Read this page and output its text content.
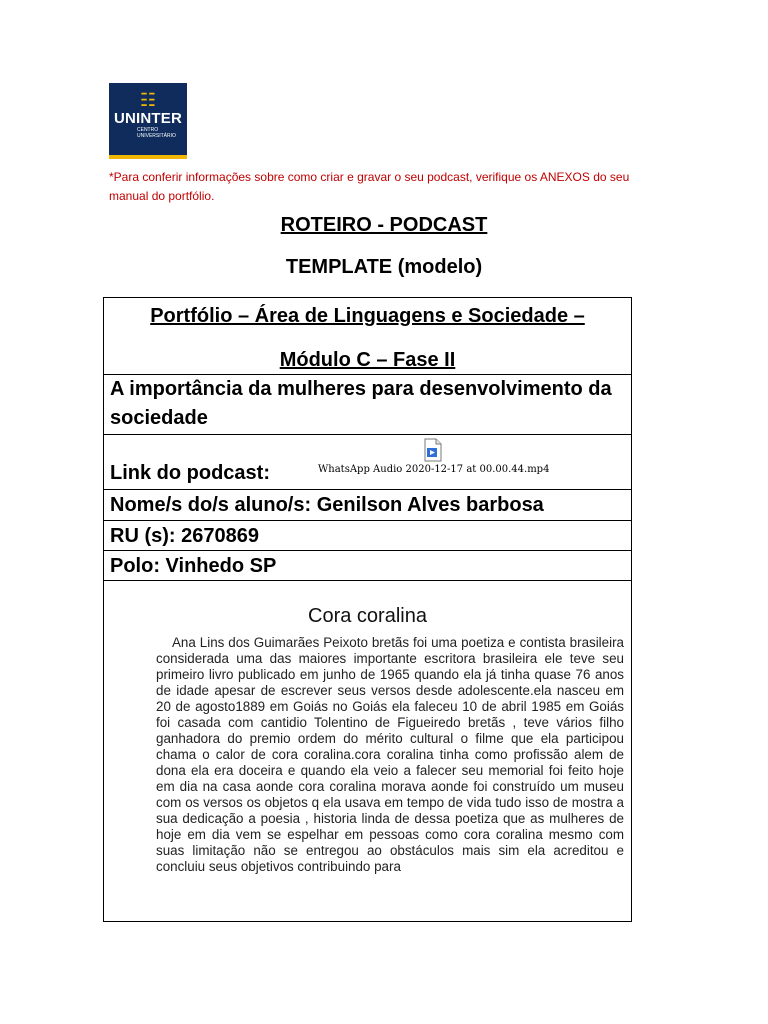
☷
UNINTER
CENTRO
UNIVERSITÁRIO
*Para conferir informações sobre como criar e gravar o seu podcast, verifique os ANEXOS do seu manual do portfólio.
ROTEIRO - PODCAST
TEMPLATE (modelo)
Portfólio – Área de Linguagens e Sociedade –
Módulo C – Fase II
A importância da mulheres para desenvolvimento da sociedade
Link do podcast:	WhatsApp Audio 2020-12-17 at 00.00.44.mp4
Nome/s do/s aluno/s: Genilson Alves barbosa
RU (s): 2670869
Polo: Vinhedo SP
Cora coralina
Ana Lins dos Guimarães Peixoto bretãs foi uma poetiza e contista brasileira considerada uma das maiores importante escritora brasileira ele teve seu primeiro livro publicado em junho de 1965 quando ela já tinha quase 76 anos de idade apesar de escrever seus versos desde adolescente.ela nasceu em 20 de agosto1889 em Goiás no Goiás ela faleceu 10 de abril 1985 em Goiás foi casada com cantidio Tolentino de Figueiredo bretãs , teve vários filho ganhadora do premio ordem do mérito cultural o filme que ela participou chama o calor de cora coralina.cora coralina tinha como profissão alem de dona ela era doceira e quando ela veio a falecer seu memorial foi feito hoje em dia na casa aonde cora coralina morava aonde foi construído um museu com os versos os objetos q ela usava em tempo de vida tudo isso de mostra a sua dedicação a poesia , historia linda de dessa poetiza que as mulheres de hoje em dia vem se espelhar em pessoas como cora coralina mesmo com suas limitação não se entregou ao obstáculos mais sim ela acreditou e concluiu seus objetivos contribuindo para
